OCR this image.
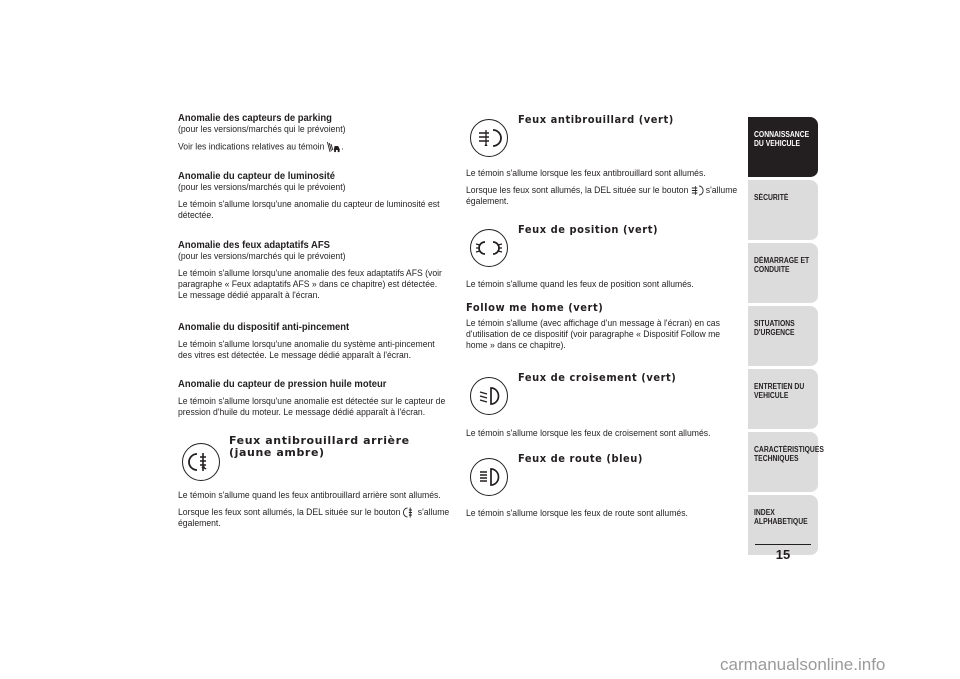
Anomalie des capteurs de parking

(pour les versions/marchés qui le prévoient)

Voir les indications relatives au témoin .

Anomalie du capteur de luminosité

(pour les versions/marchés qui le prévoient)

Le témoin s'allume lorsqu'une anomalie du capteur de luminosité est détectée.

Anomalie des feux adaptatifs AFS

(pour les versions/marchés qui le prévoient)

Le témoin s'allume lorsqu'une anomalie des feux adaptatifs AFS (voir paragraphe « Feux adaptatifs AFS » dans ce chapitre) est détectée.

Le message dédié apparaît à l'écran.

Anomalie du dispositif anti-pincement

Le témoin s'allume lorsqu'une anomalie du système anti-pincement des vitres est détectée. Le message dédié apparaît à l'écran.

Anomalie du capteur de pression huile moteur

Le témoin s'allume lorsqu'une anomalie est détectée sur le capteur de pression d'huile du moteur. Le message dédié apparaît à l'écran.

Feux antibrouillard arrière (jaune ambre)

Le témoin s'allume quand les feux antibrouillard arrière sont allumés.

Lorsque les feux sont allumés, la DEL située sur le bouton s'allume également.

Feux antibrouillard (vert)

Le témoin s'allume lorsque les feux antibrouillard sont allumés.

Lorsque les feux sont allumés, la DEL située sur le bouton s'allume également.

Feux de position (vert)

Le témoin s'allume quand les feux de position sont allumés.

Follow me home (vert)

Le témoin s'allume (avec affichage d'un message à l'écran) en cas d'utilisation de ce dispositif (voir paragraphe « Dispositif Follow me home » dans ce chapitre).

Feux de croisement (vert)

Le témoin s'allume lorsque les feux de croisement sont allumés.

Feux de route (bleu)

Le témoin s'allume lorsque les feux de route sont allumés.

CONNAISSANCE DU VEHICULE
SÉCURITÉ
DÉMARRAGE ET CONDUITE
SITUATIONS D'URGENCE
ENTRETIEN DU VEHICULE
CARACTÉRISTIQUES TECHNIQUES
INDEX ALPHABETIQUE
15
carmanualsonline.info
